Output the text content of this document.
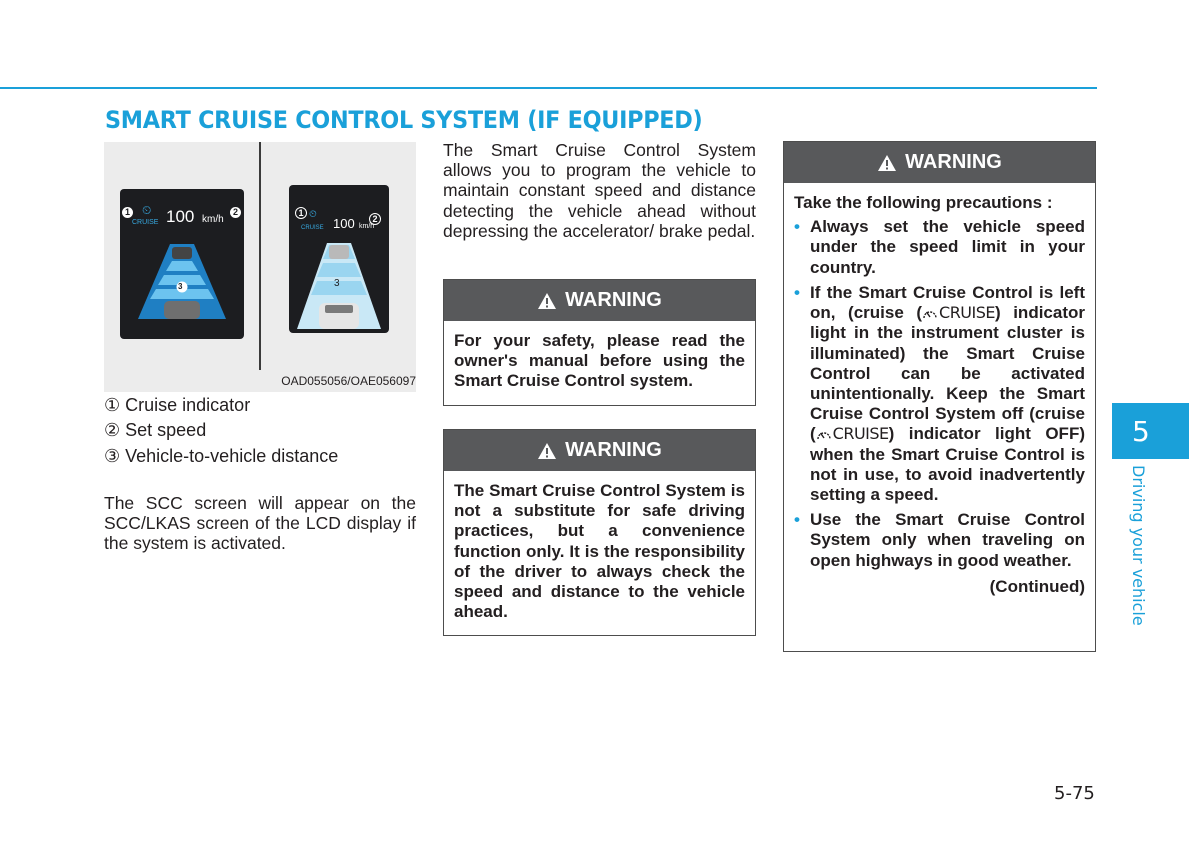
SMART CRUISE CONTROL SYSTEM (IF EQUIPPED)
1	2
3
⏲
CRUISE 100 km/h
1
2
3
⏲
CRUISE 100 km/h
OAD055056/OAE056097
① Cruise indicator
② Set speed
③ Vehicle-to-vehicle distance
The SCC screen will appear on the SCC/LKAS screen of the LCD display if the system is activated.
The Smart Cruise Control System allows you to program the vehicle to maintain constant speed and distance detecting the vehicle ahead without depressing the accelerator/ brake pedal.
WARNING
For your safety, please read the owner's manual before using the Smart Cruise Control system.
WARNING
The Smart Cruise Control System is not a substitute for safe driving practices, but a convenience function only. It is the responsibility of the driver to always check the speed and distance to the vehicle ahead.
WARNING
Take the following precautions :
• Always set the vehicle speed under the speed limit in your country.
• If the Smart Cruise Control is left on, (cruise ( CRUISE ) indicator light in the instrument cluster is illuminated) the Smart Cruise Control can be activated unintentionally. Keep the Smart Cruise Control System off (cruise ( CRUISE ) indicator light OFF) when the Smart Cruise Control is not in use, to avoid inadvertently setting a speed.
• Use the Smart Cruise Control System only when traveling on open highways in good weather.
(Continued)
5
Driving your vehicle
5-75
